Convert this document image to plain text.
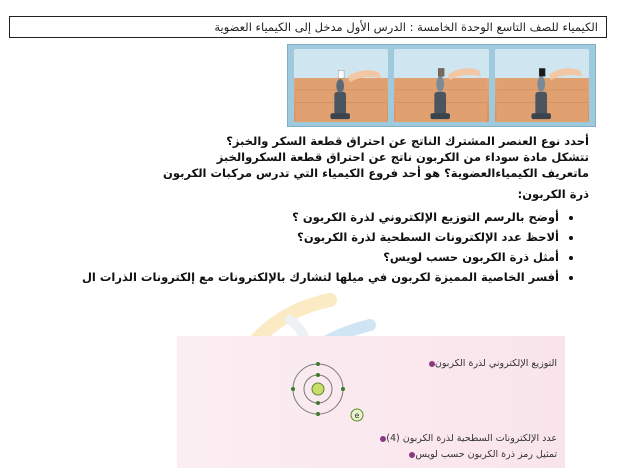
الكيمياء للصف التاسع الوحدة الخامسة : الدرس الأول مدخل إلى الكيمياء العضوية
أحدد نوع العنصر المشترك الناتج عن احتراق قطعة السكر والخبز؟
تتشكل مادة سوداء من الكربون ناتج عن احتراق قطعة السكروالخبز
ماتعريف الكيمياءالعضوية؟ هو أحد فروع الكيمياء التي تدرس مركبات الكربون
ذرة الكربون:
• أوضح بالرسم التوزيع الإلكتروني لذرة الكربون ؟
• ألاحظ عدد الإلكترونات السطحية لذرة الكربون؟
• أمثل ذرة الكربون حسب لويس؟
• أفسر الخاصية المميزة لكربون في ميلها لتشارك بالإلكترونات مع إلكترونات الذرات ال
التوزيع الإلكتروني لذرة الكربون
e
عدد الإلكترونات السطحية لذرة الكربون (4)
تمثيل رمز ذرة الكربون حسب لويس
